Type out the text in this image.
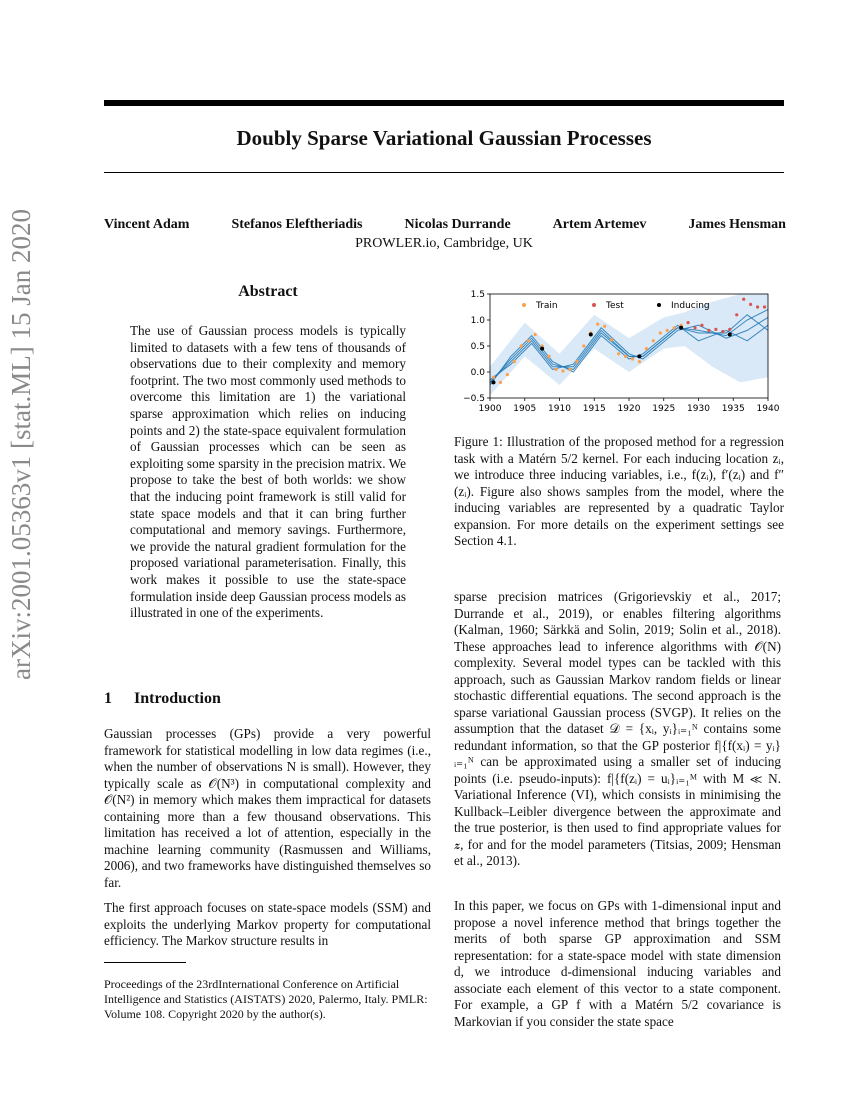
Doubly Sparse Variational Gaussian Processes
Vincent Adam	Stefanos Eleftheriadis	Nicolas Durrande	Artem Artemev	James Hensman
PROWLER.io, Cambridge, UK
arXiv:2001.05363v1 [stat.ML] 15 Jan 2020	Abstract
The use of Gaussian process models is typically limited to datasets with a few tens of thousands of observations due to their complexity and memory footprint. The two most commonly used methods to overcome this limitation are 1) the variational sparse approximation which relies on inducing points and 2) the state-space equivalent formulation of Gaussian processes which can be seen as exploiting some sparsity in the precision matrix. We propose to take the best of both worlds: we show that the inducing point framework is still valid for state space models and that it can bring further computational and memory savings. Furthermore, we provide the natural gradient formulation for the proposed variational parameterisation. Finally, this work makes it possible to use the state-space formulation inside deep Gaussian process models as illustrated in one of the experiments.
1 Introduction
Gaussian processes (GPs) provide a very powerful framework for statistical modelling in low data regimes (i.e., when the number of observations N is small). However, they typically scale as 𝒪(N³) in computational complexity and 𝒪(N²) in memory which makes them impractical for datasets containing more than a few thousand observations. This limitation has received a lot of attention, especially in the machine learning community (Rasmussen and Williams, 2006), and two frameworks have distinguished themselves so far.
The first approach focuses on state-space models (SSM) and exploits the underlying Markov property for computational efficiency. The Markov structure results in
Proceedings of the 23rdInternational Conference on Artificial Intelligence and Statistics (AISTATS) 2020, Palermo, Italy. PMLR: Volume 108. Copyright 2020 by the author(s).
1900 1905 1910 1915 1920 1925 1930 1935 1940
−0.5
0.0
0.5
1.0
1.5
Train	Test	Inducing
Figure 1: Illustration of the proposed method for a regression task with a Matérn 5/2 kernel. For each inducing location zᵢ, we introduce three inducing variables, i.e., f(zᵢ), f′(zᵢ) and f″(zᵢ). Figure also shows samples from the model, where the inducing variables are represented by a quadratic Taylor expansion. For more details on the experiment settings see Section 4.1.
sparse precision matrices (Grigorievskiy et al., 2017; Durrande et al., 2019), or enables filtering algorithms (Kalman, 1960; Särkkä and Solin, 2019; Solin et al., 2018). These approaches lead to inference algorithms with 𝒪(N) complexity. Several model types can be tackled with this approach, such as Gaussian Markov random fields or linear stochastic differential equations. The second approach is the sparse variational Gaussian process (SVGP). It relies on the assumption that the dataset 𝒟 = {xᵢ, yᵢ}ᵢ₌₁ᴺ contains some redundant information, so that the GP posterior f|{f(xᵢ) = yᵢ}ᵢ₌₁ᴺ can be approximated using a smaller set of inducing points (i.e. pseudo-inputs): f|{f(zᵢ) = uᵢ}ᵢ₌₁ᴹ with M ≪ N. Variational Inference (VI), which consists in minimising the Kullback–Leibler divergence between the approximate and the true posterior, is then used to find appropriate values for 𝒛, for and for the model parameters (Titsias, 2009; Hensman et al., 2013).
In this paper, we focus on GPs with 1-dimensional input and propose a novel inference method that brings together the merits of both sparse GP approximation and SSM representation: for a state-space model with state dimension d, we introduce d-dimensional inducing variables and associate each element of this vector to a state component. For example, a GP f with a Matérn 5/2 covariance is Markovian if you consider the state space
